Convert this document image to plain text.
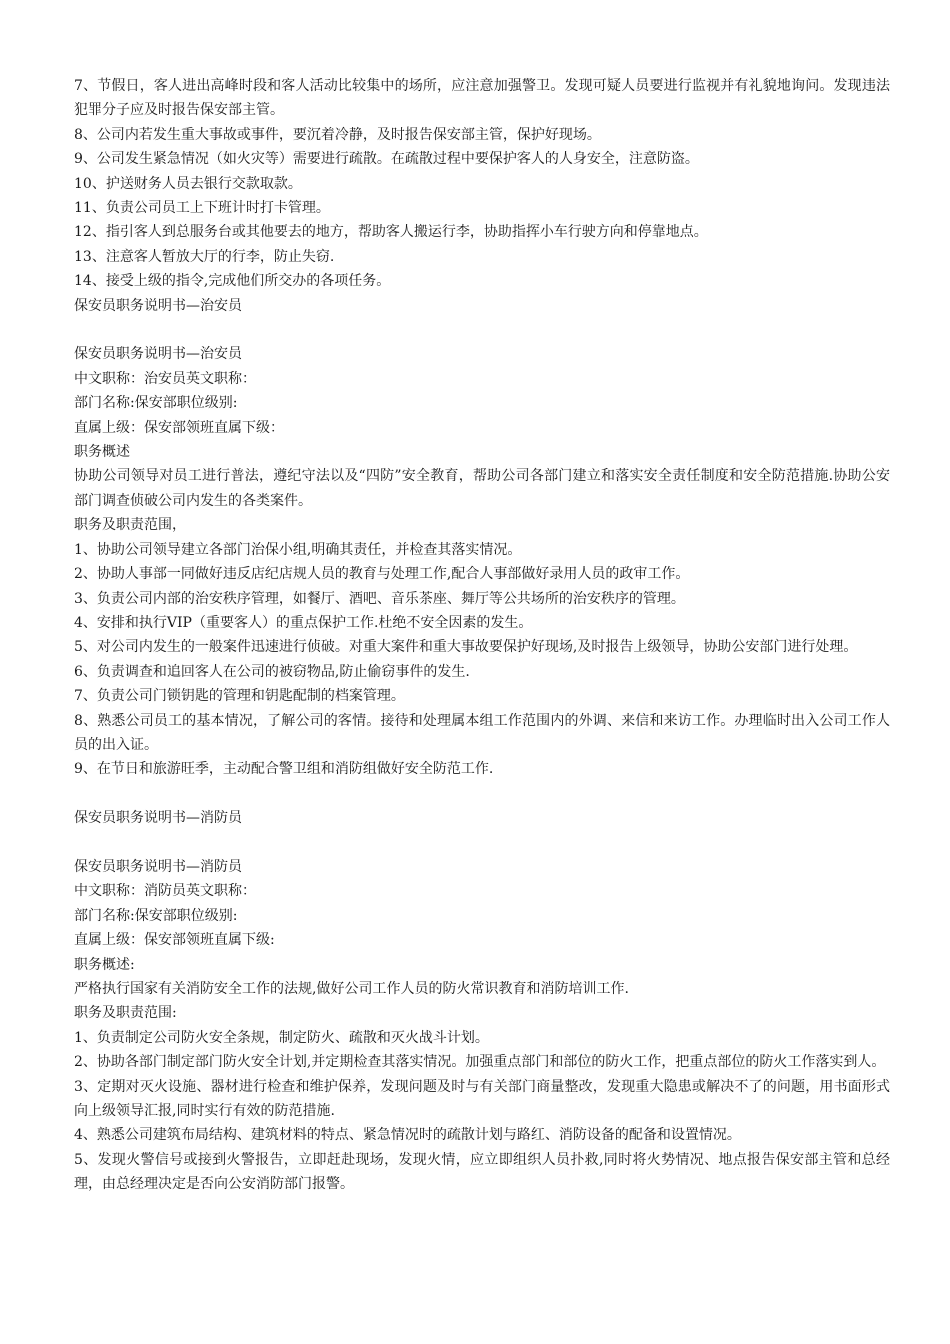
7、节假日，客人进出高峰时段和客人活动比较集中的场所，应注意加强警卫。发现可疑人员要进行监视并有礼貌地询问。发现违法犯罪分子应及时报告保安部主管。

8、公司内若发生重大事故或事件，要沉着冷静，及时报告保安部主管，保护好现场。

9、公司发生紧急情况（如火灾等）需要进行疏散。在疏散过程中要保护客人的人身安全，注意防盗。

10、护送财务人员去银行交款取款。

11、负责公司员工上下班计时打卡管理。

12、指引客人到总服务台或其他要去的地方，帮助客人搬运行李，协助指挥小车行驶方向和停靠地点。

13、注意客人暂放大厅的行李，防止失窃.

14、接受上级的指令,完成他们所交办的各项任务。

保安员职务说明书—治安员

保安员职务说明书—治安员

中文职称：治安员英文职称：

部门名称:保安部职位级别:

直属上级：保安部领班直属下级：

职务概述

协助公司领导对员工进行普法，遵纪守法以及“四防”安全教育，帮助公司各部门建立和落实安全责任制度和安全防范措施.协助公安部门调查侦破公司内发生的各类案件。

职务及职责范围，

1、协助公司领导建立各部门治保小组,明确其责任，并检查其落实情况。

2、协助人事部一同做好违反店纪店规人员的教育与处理工作,配合人事部做好录用人员的政审工作。

3、负责公司内部的治安秩序管理，如餐厅、酒吧、音乐茶座、舞厅等公共场所的治安秩序的管理。

4、安排和执行VIP（重要客人）的重点保护工作.杜绝不安全因素的发生。

5、对公司内发生的一般案件迅速进行侦破。对重大案件和重大事故要保护好现场,及时报告上级领导，协助公安部门进行处理。

6、负责调查和追回客人在公司的被窃物品,防止偷窃事件的发生.

7、负责公司门锁钥匙的管理和钥匙配制的档案管理。

8、熟悉公司员工的基本情况，了解公司的客情。接待和处理属本组工作范围内的外调、来信和来访工作。办理临时出入公司工作人员的出入证。

9、在节日和旅游旺季，主动配合警卫组和消防组做好安全防范工作.

保安员职务说明书—消防员

保安员职务说明书—消防员

中文职称：消防员英文职称：

部门名称:保安部职位级别:

直属上级：保安部领班直属下级:

职务概述:

严格执行国家有关消防安全工作的法规,做好公司工作人员的防火常识教育和消防培训工作.

职务及职责范围:

1、负责制定公司防火安全条规，制定防火、疏散和灭火战斗计划。

2、协助各部门制定部门防火安全计划,并定期检查其落实情况。加强重点部门和部位的防火工作，把重点部位的防火工作落实到人。

3、定期对灭火设施、器材进行检查和维护保养，发现问题及时与有关部门商量整改，发现重大隐患或解决不了的问题，用书面形式向上级领导汇报,同时实行有效的防范措施.

4、熟悉公司建筑布局结构、建筑材料的特点、紧急情况时的疏散计划与路红、消防设备的配备和设置情况。

5、发现火警信号或接到火警报告，立即赶赴现场，发现火情，应立即组织人员扑救,同时将火势情况、地点报告保安部主管和总经理，由总经理决定是否向公安消防部门报警。
